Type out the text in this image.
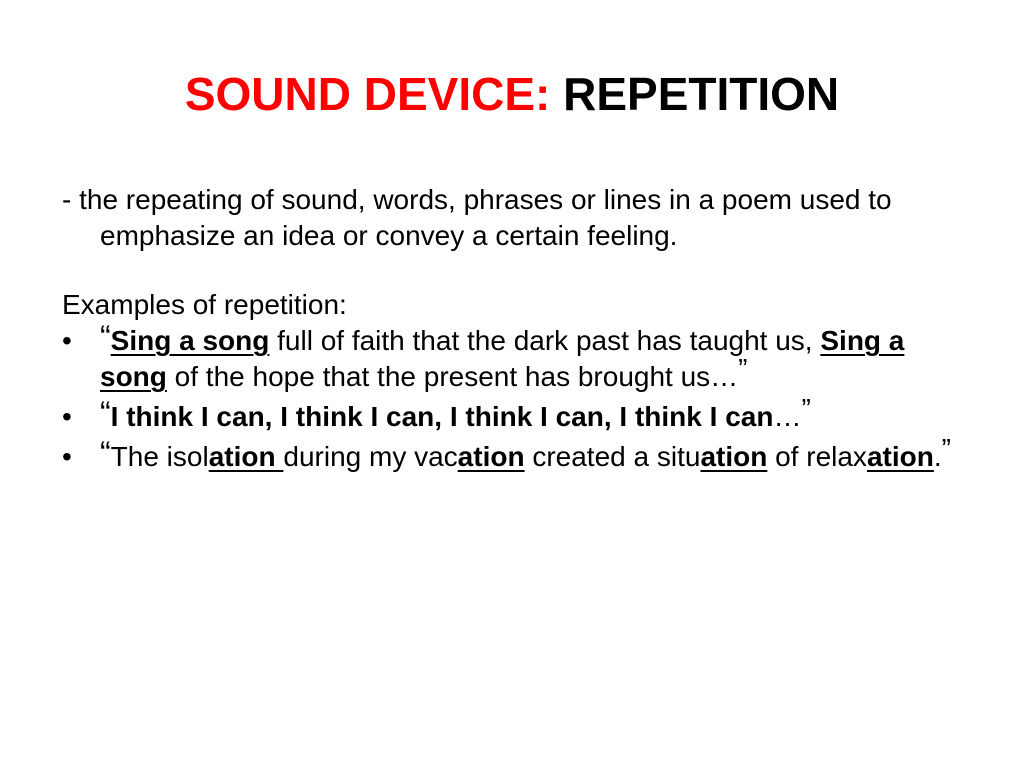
SOUND DEVICE: REPETITION

- the repeating of sound, words, phrases or lines in a poem used to emphasize an idea or convey a certain feeling.

Examples of repetition:

• “Sing a song full of faith that the dark past has taught us, Sing a song of the hope that the present has brought us…”
• “I think I can, I think I can, I think I can, I think I can…”
• “The isolation during my vacation created a situation of relaxation.”
